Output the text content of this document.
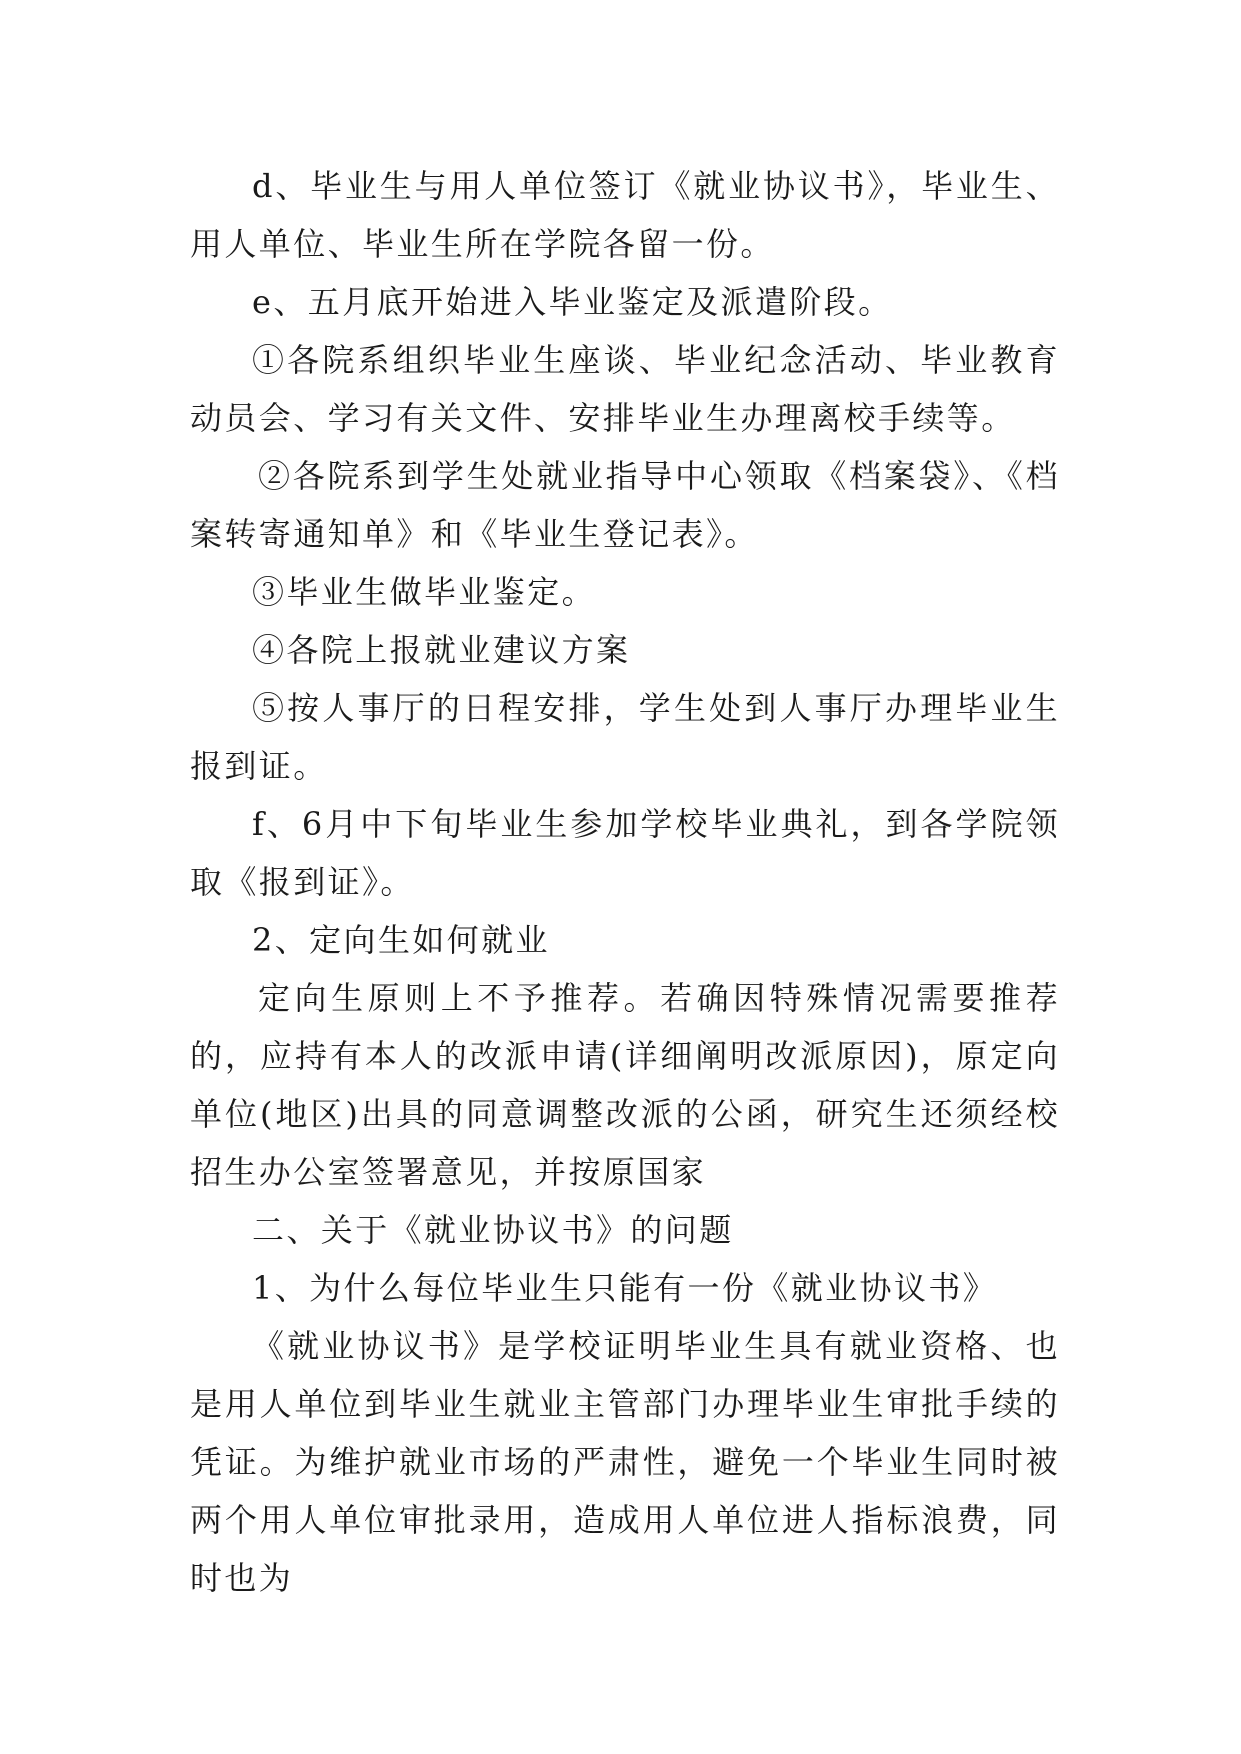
d、毕业生与用人单位签订《就业协议书》，毕业生、用人单位、毕业生所在学院各留一份。

e、五月底开始进入毕业鉴定及派遣阶段。

①各院系组织毕业生座谈、毕业纪念活动、毕业教育动员会、学习有关文件、安排毕业生办理离校手续等。

②各院系到学生处就业指导中心领取《档案袋》、《档案转寄通知单》和《毕业生登记表》。

③毕业生做毕业鉴定。

④各院上报就业建议方案

⑤按人事厅的日程安排，学生处到人事厅办理毕业生报到证。

f、6月中下旬毕业生参加学校毕业典礼，到各学院领取《报到证》。

2、定向生如何就业

定向生原则上不予推荐。若确因特殊情况需要推荐的，应持有本人的改派申请(详细阐明改派原因)，原定向单位(地区)出具的同意调整改派的公函，研究生还须经校招生办公室签署意见，并按原国家

二、关于《就业协议书》的问题

1、为什么每位毕业生只能有一份《就业协议书》

《就业协议书》是学校证明毕业生具有就业资格、也是用人单位到毕业生就业主管部门办理毕业生审批手续的凭证。为维护就业市场的严肃性，避免一个毕业生同时被两个用人单位审批录用，造成用人单位进人指标浪费，同时也为
